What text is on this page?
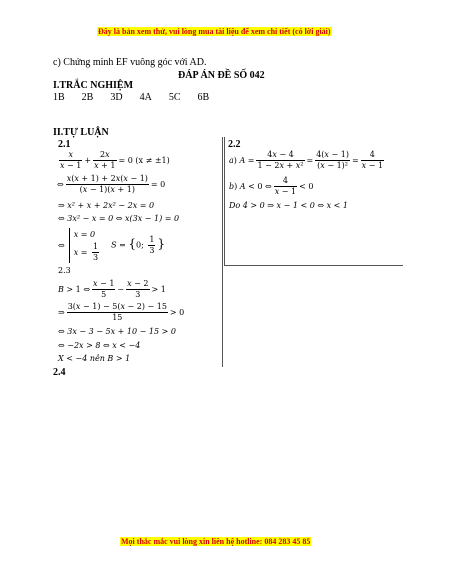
Đây là bản xem thử, vui lòng mua tài liệu để xem chi tiết (có lời giải)
c) Chứng minh EF vuông góc với AD.
ĐÁP ÁN ĐỀ SỐ 042
I.TRẮC NGHIỆM
1B 2B 3D 4A 5C 6B
II.TỰ LUẬN
2.1	2.2
$\frac{x}{x - 1} + \frac{2x}{x + 1} = 0$ (x ≠ ±1)
⇔ $\frac{x(x + 1) + 2x(x - 1)}{(x - 1)(x + 1)} = 0$
⇒ x² + x + 2x² − 2x = 0
⇔ 3x² − x = 0 ⇔ x(3x − 1) = 0
⇔
x = 0
$x = \frac{1}{3}$ S = {0; $\frac{1}{3}$ }
2.3
B > 1 ⇔ $\frac{x - 1}{5} - \frac{x - 2}{3} > 1$
⇒ $\frac{3(x - 1) - 5(x - 2) - 15}{15} > 0$
⇔ 3x − 3 − 5x + 10 − 15 > 0
⇔ −2x > 8 ⇔ x < −4
X < −4 nên B > 1
2.4
a) $A = \frac{4x - 4}{\text{1 − 2x + x²}} = \frac{4(x - 1)}{\text{(x − 1)²}} = \frac{4}{x - 1}$
b) A < 0 ⇔ $\frac{4}{x - 1} < 0$
Do 4 > 0 ⇒ x − 1 < 0 ⇔ x < 1
Mọi thắc mắc vui lòng xin liên hệ hotline: 084 283 45 85
